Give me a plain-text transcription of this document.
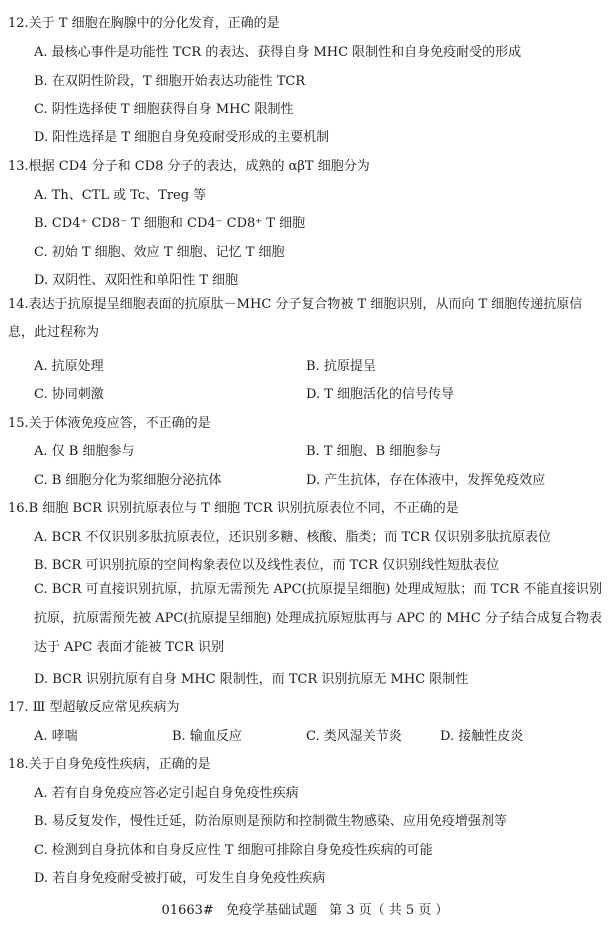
12.关于 T 细胞在胸腺中的分化发育，正确的是
A. 最核心事件是功能性 TCR 的表达、获得自身 MHC 限制性和自身免疫耐受的形成
B. 在双阴性阶段，T 细胞开始表达功能性 TCR
C. 阴性选择使 T 细胞获得自身 MHC 限制性
D. 阳性选择是 T 细胞自身免疫耐受形成的主要机制
13.根据 CD4 分子和 CD8 分子的表达，成熟的 αβT 细胞分为
A. Th、CTL 或 Tc、Treg 等
B. CD4⁺ CD8⁻ T 细胞和 CD4⁻ CD8⁺ T 细胞
C. 初始 T 细胞、效应 T 细胞、记忆 T 细胞
D. 双阴性、双阳性和单阳性 T 细胞
14.表达于抗原提呈细胞表面的抗原肽－MHC 分子复合物被 T 细胞识别，从而向 T 细胞传递抗原信息，此过程称为
A. 抗原处理	B. 抗原提呈
C. 协同刺激	D. T 细胞活化的信号传导
15.关于体液免疫应答，不正确的是
A. 仅 B 细胞参与	B. T 细胞、B 细胞参与
C. B 细胞分化为浆细胞分泌抗体	D. 产生抗体，存在体液中，发挥免疫效应
16.B 细胞 BCR 识别抗原表位与 T 细胞 TCR 识别抗原表位不同，不正确的是
A. BCR 不仅识别多肽抗原表位，还识别多糖、核酸、脂类；而 TCR 仅识别多肽抗原表位
B. BCR 可识别抗原的空间构象表位以及线性表位，而 TCR 仅识别线性短肽表位
C. BCR 可直接识别抗原，抗原无需预先 APC(抗原提呈细胞) 处理成短肽；而 TCR 不能直接识别抗原，抗原需预先被 APC(抗原提呈细胞) 处理成抗原短肽再与 APC 的 MHC 分子结合成复合物表达于 APC 表面才能被 TCR 识别
D. BCR 识别抗原有自身 MHC 限制性，而 TCR 识别抗原无 MHC 限制性
17. Ⅲ 型超敏反应常见疾病为
A. 哮喘	B. 输血反应	C. 类风湿关节炎	D. 接触性皮炎
18.关于自身免疫性疾病，正确的是
A. 若有自身免疫应答必定引起自身免疫性疾病
B. 易反复发作，慢性迁延，防治原则是预防和控制微生物感染、应用免疫增强剂等
C. 检测到自身抗体和自身反应性 T 细胞可排除自身免疫性疾病的可能
D. 若自身免疫耐受被打破，可发生自身免疫性疾病
01663# 免疫学基础试题 第 3 页（ 共 5 页 ）
